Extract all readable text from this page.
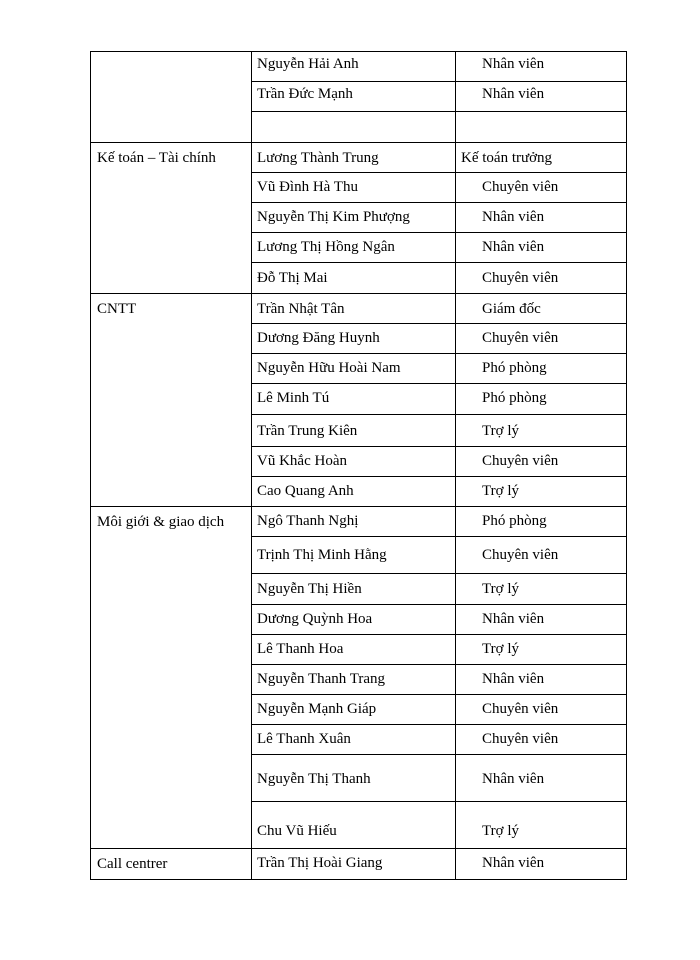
	Nguyễn Hải Anh	Nhân viên

	Trần Đức Mạnh	Nhân viên

Kế toán – Tài chính	Lương Thành Trung	Kế toán trưởng

	Vũ Đình Hà Thu	Chuyên viên

	Nguyễn Thị Kim Phượng	Nhân viên

	Lương Thị Hồng Ngân	Nhân viên

	Đỗ Thị Mai	Chuyên viên

CNTT	Trần Nhật Tân	Giám đốc

	Dương Đăng Huynh	Chuyên viên

	Nguyễn Hữu Hoài Nam	Phó phòng

	Lê Minh Tú	Phó phòng

	Trần Trung Kiên	Trợ lý

	Vũ Khắc Hoàn	Chuyên viên

	Cao Quang Anh	Trợ lý

Môi giới & giao dịch	Ngô Thanh Nghị	Phó phòng

	Trịnh Thị Minh Hằng	Chuyên viên

	Nguyễn Thị Hiền	Trợ lý

	Dương Quỳnh Hoa	Nhân viên

	Lê Thanh Hoa	Trợ lý

	Nguyễn Thanh Trang	Nhân viên

	Nguyễn Mạnh Giáp	Chuyên viên

	Lê Thanh Xuân	Chuyên viên

	Nguyễn Thị Thanh	Nhân viên

	Chu Vũ Hiếu	Trợ lý

Call centrer	Trần Thị Hoài Giang	Nhân viên
